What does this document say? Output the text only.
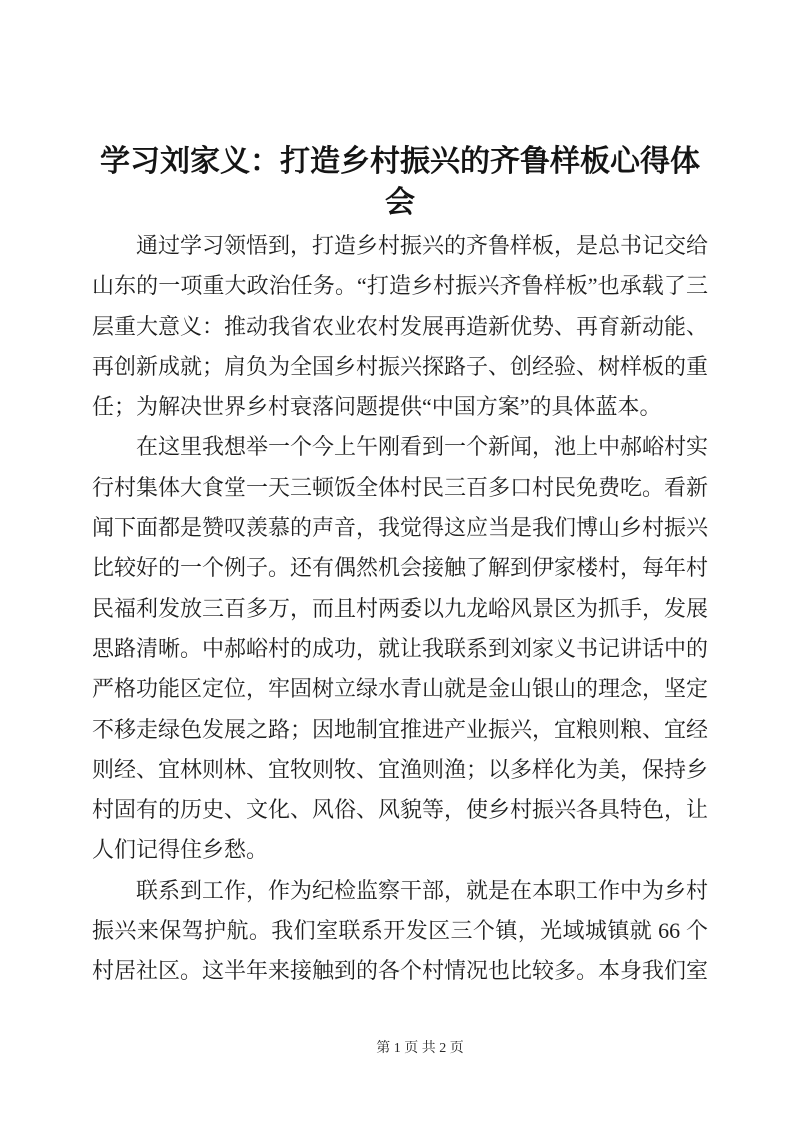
学习刘家义：打造乡村振兴的齐鲁样板心得体会

通过学习领悟到，打造乡村振兴的齐鲁样板，是总书记交给山东的一项重大政治任务。“打造乡村振兴齐鲁样板”也承载了三层重大意义：推动我省农业农村发展再造新优势、再育新动能、再创新成就；肩负为全国乡村振兴探路子、创经验、树样板的重任；为解决世界乡村衰落问题提供“中国方案”的具体蓝本。

在这里我想举一个今上午刚看到一个新闻，池上中郝峪村实行村集体大食堂一天三顿饭全体村民三百多口村民免费吃。看新闻下面都是赞叹羡慕的声音，我觉得这应当是我们博山乡村振兴比较好的一个例子。还有偶然机会接触了解到伊家楼村，每年村民福利发放三百多万，而且村两委以九龙峪风景区为抓手，发展思路清晰。中郝峪村的成功，就让我联系到刘家义书记讲话中的严格功能区定位，牢固树立绿水青山就是金山银山的理念，坚定不移走绿色发展之路；因地制宜推进产业振兴，宜粮则粮、宜经则经、宜林则林、宜牧则牧、宜渔则渔；以多样化为美，保持乡村固有的历史、文化、风俗、风貌等，使乡村振兴各具特色，让人们记得住乡愁。

联系到工作，作为纪检监察干部，就是在本职工作中为乡村振兴来保驾护航。我们室联系开发区三个镇，光域城镇就 66 个村居社区。这半年来接触到的各个村情况也比较多。本身我们室

第 1 页 共 2 页
